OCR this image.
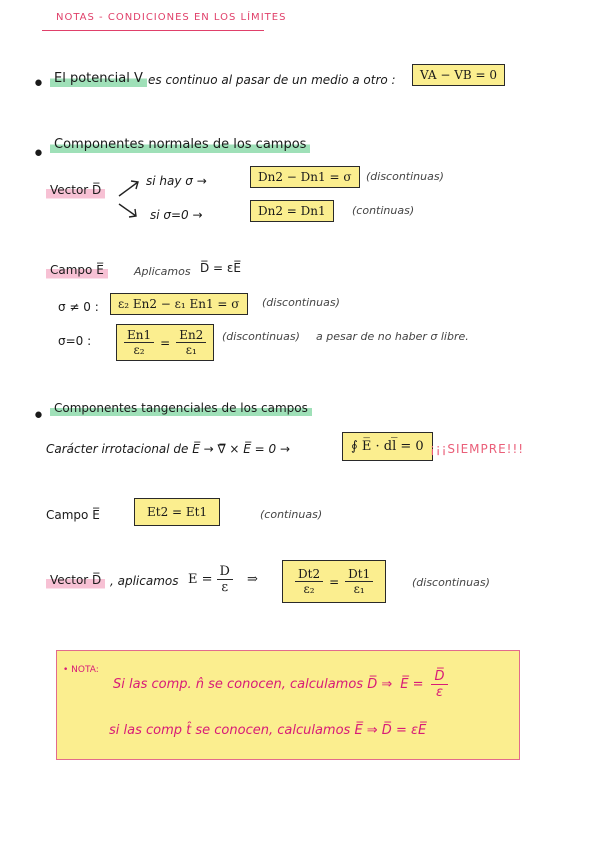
NOTAS - CONDICIONES EN LOS LÍMITES
• El potencial V es continuo al pasar de un medio a otro :	VA − VB = 0
• Componentes normales de los campos
Vector D̅
si hay σ →	Dn2 − Dn1 = σ	(discontinuas)
si σ=0 →	Dn2 = Dn1	(continuas)
Campo E̅	Aplicamos D̅ = εE̅
σ ≠ 0 :	ε₂ En2 − ε₁ En1 = σ	(discontinuas)
σ=0 :	$\frac{En1}{\text{ε₂}} = \frac{En2}{\text{ε₁}}$ (discontinuas) a pesar de no haber σ libre.
• Componentes tangenciales de los campos
Carácter irrotacional de E̅ → ∇̅ × E̅ = 0 →	∮ E̅ · dl̅ = 0 ¡¡¡SIEMPRE!!!
Campo E̅	Et2 = Et1	(continuas)
Vector D̅ , aplicamos $E = \frac{D}{\varepsilon}$ ⇒	$\frac{Dt2}{\text{ε₂}} = \frac{Dt1}{\text{ε₁}}$	(discontinuas)
• NOTA:
Si las comp. n̂ se conocen, calculamos D̅ ⇒ E̅ = $\frac{D̅}{\varepsilon}$
si las comp t̂ se conocen, calculamos E̅ ⇒ D̅ = εE̅
